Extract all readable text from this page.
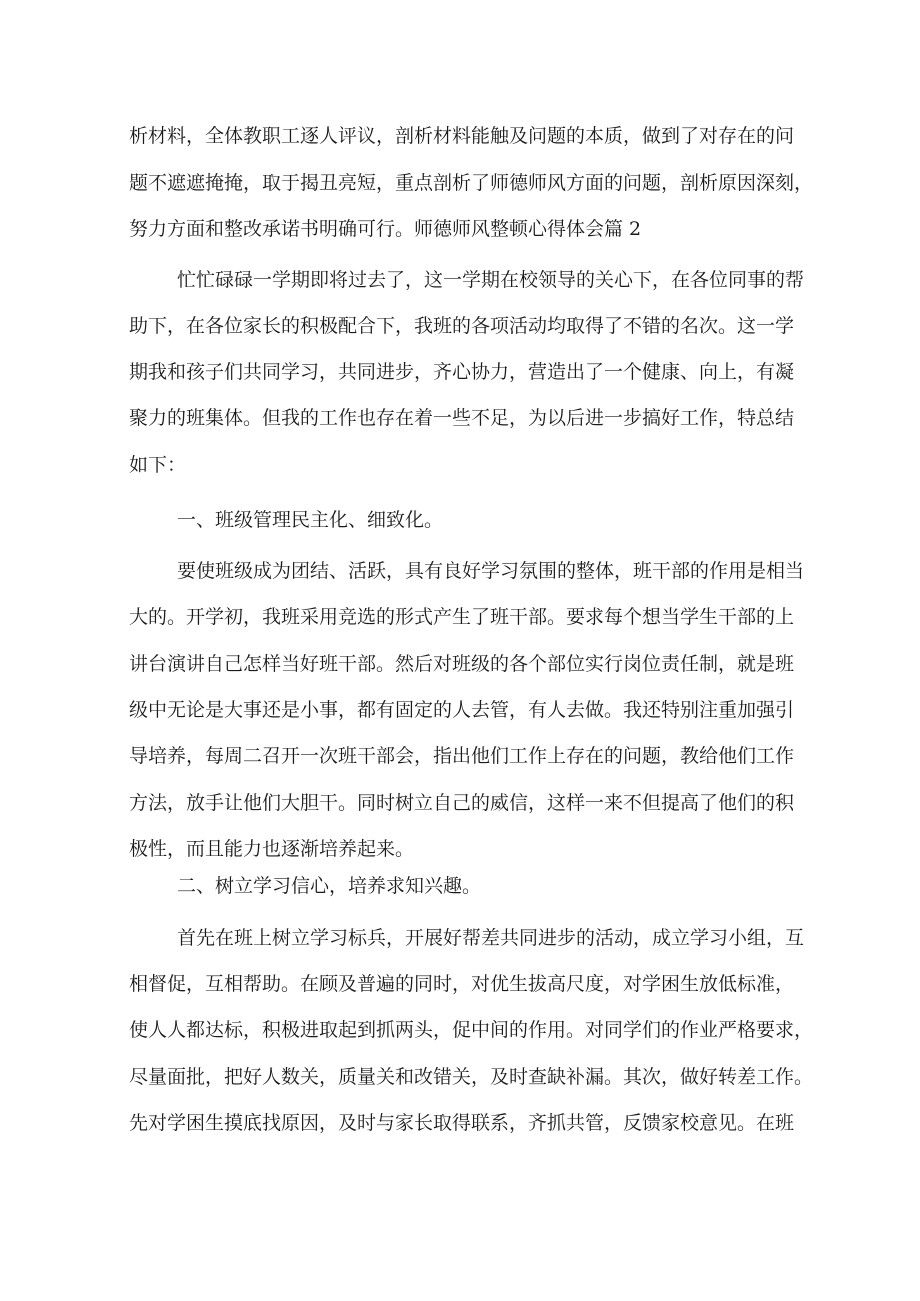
析材料，全体教职工逐人评议，剖析材料能触及问题的本质，做到了对存在的问
题不遮遮掩掩，取于揭丑亮短，重点剖析了师德师风方面的问题，剖析原因深刻，
努力方面和整改承诺书明确可行。师德师风整顿心得体会篇 2
忙忙碌碌一学期即将过去了，这一学期在校领导的关心下，在各位同事的帮
助下，在各位家长的积极配合下，我班的各项活动均取得了不错的名次。这一学
期我和孩子们共同学习，共同进步，齐心协力，营造出了一个健康、向上，有凝
聚力的班集体。但我的工作也存在着一些不足，为以后进一步搞好工作，特总结
如下：
一、班级管理民主化、细致化。
要使班级成为团结、活跃，具有良好学习氛围的整体，班干部的作用是相当
大的。开学初，我班采用竞选的形式产生了班干部。要求每个想当学生干部的上
讲台演讲自己怎样当好班干部。然后对班级的各个部位实行岗位责任制，就是班
级中无论是大事还是小事，都有固定的人去管，有人去做。我还特别注重加强引
导培养，每周二召开一次班干部会，指出他们工作上存在的问题，教给他们工作
方法，放手让他们大胆干。同时树立自己的威信，这样一来不但提高了他们的积
极性，而且能力也逐渐培养起来。
二、树立学习信心，培养求知兴趣。
首先在班上树立学习标兵，开展好帮差共同进步的活动，成立学习小组，互
相督促，互相帮助。在顾及普遍的同时，对优生拔高尺度，对学困生放低标准，
使人人都达标，积极进取起到抓两头，促中间的作用。对同学们的作业严格要求，
尽量面批，把好人数关，质量关和改错关，及时查缺补漏。其次，做好转差工作。
先对学困生摸底找原因，及时与家长取得联系，齐抓共管，反馈家校意见。在班
